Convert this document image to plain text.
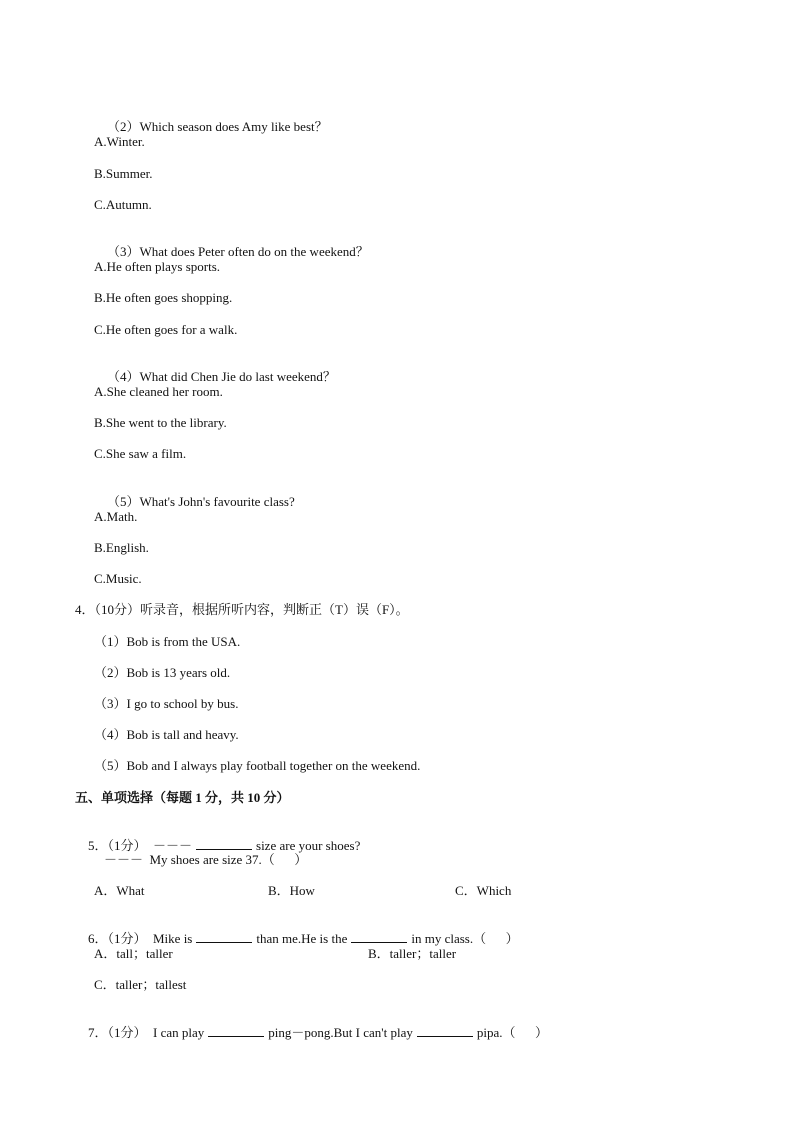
（2）Which season does Amy like best？

A.Winter.
B.Summer.
C.Autumn.

（3）What does Peter often do on the weekend？

A.He often plays sports.
B.He often goes shopping.
C.He often goes for a walk.

（4）What did Chen Jie do last weekend？

A.She cleaned her room.
B.She went to the library.
C.She saw a film.

（5）What's John's favourite class?

A.Math.
B.English.
C.Music.
4．（10分）听录音，根据所听内容，判断正（T）误（F）。
（1）Bob is from the USA.
（2）Bob is 13 years old.
（3）I go to school by bus.
（4）Bob is tall and heavy.
（5）Bob and I always play football together on the weekend.
五、单项选择（每题 1 分，共 10 分）

5．（1分）  －－－	size are your shoes?

－－－  My shoes are size 37.（      ）
A．What	B．How	C．Which

6．（1分）  Mike is	than me.He is the	in my class.（      ）

A．tall；taller	B．taller；taller
C．taller；tallest

7．（1分）  I can play	ping－pong.But I can't play	pipa.（      ）
